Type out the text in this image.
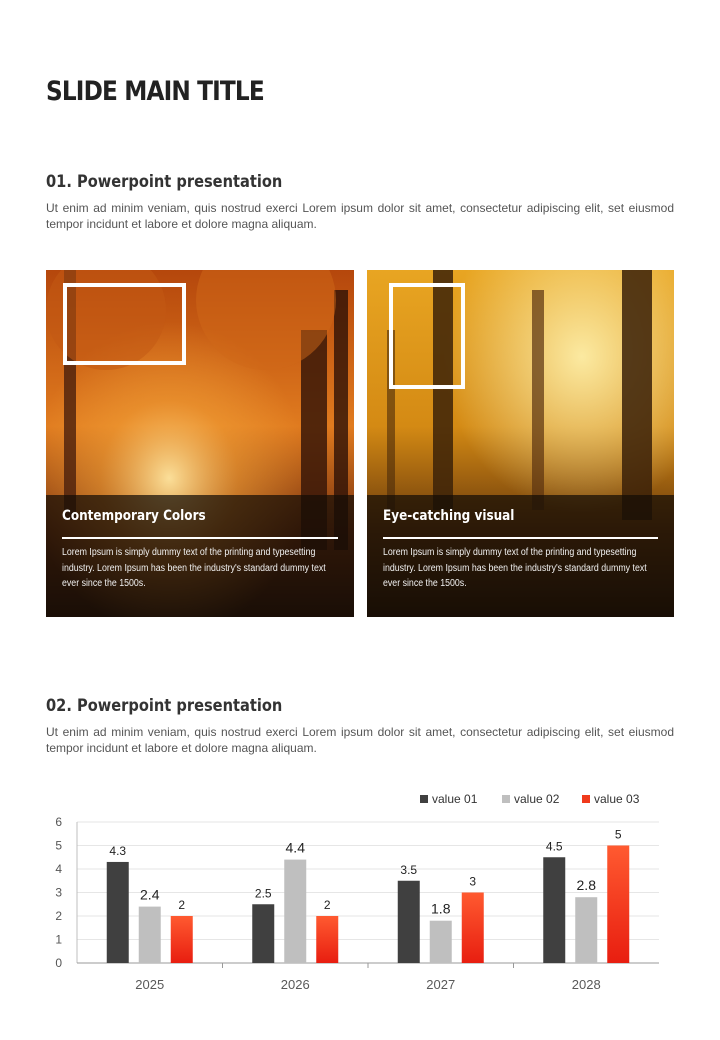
SLIDE MAIN TITLE
01. Powerpoint presentation
Ut enim ad minim veniam, quis nostrud exerci Lorem ipsum dolor sit amet, consectetur adipiscing elit, set eiusmod tempor incidunt et labore et dolore magna aliquam.
Contemporary Colors
Lorem Ipsum is simply dummy text of the printing and typesetting industry. Lorem Ipsum has been the industry's standard dummy text ever since the 1500s.
Eye-catching visual
Lorem Ipsum is simply dummy text of the printing and typesetting industry. Lorem Ipsum has been the industry's standard dummy text ever since the 1500s.
02. Powerpoint presentation
Ut enim ad minim veniam, quis nostrud exerci Lorem ipsum dolor sit amet, consectetur adipiscing elit, set eiusmod tempor incidunt et labore et dolore magna aliquam.
value 01	value 02	value 03
0
1
2
3
4
5
6
2025
4.3
2.4
2
2026
2.5
4.4
2
2027
3.5
1.8
3
2028
4.5
2.8
5
